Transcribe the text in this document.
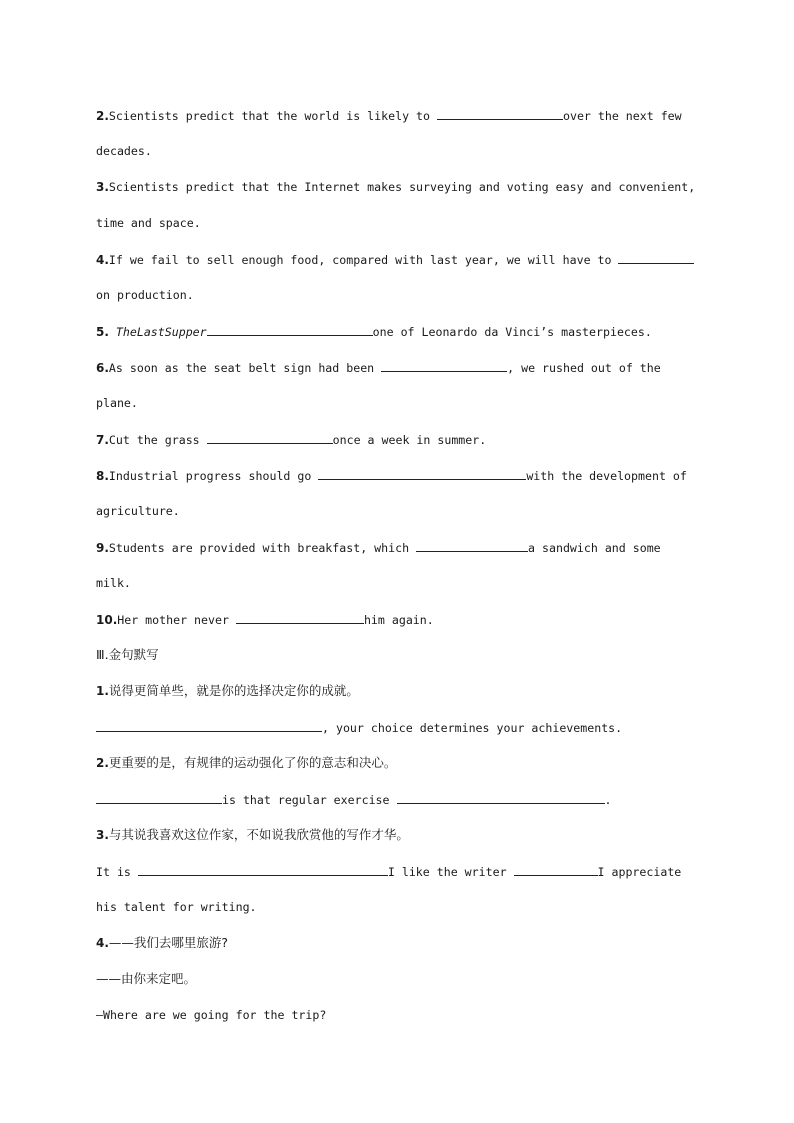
2.Scientists predict that the world is likely to	over the next few
decades.
3.Scientists predict that the Internet makes surveying and voting easy and convenient,
time and space.
4.If we fail to sell enough food, compared with last year, we will have to
on production.
5. TheLastSupper	one of Leonardo da Vinci’s masterpieces.
6.As soon as the seat belt sign had been	, we rushed out of the
plane.
7.Cut the grass	once a week in summer.
8.Industrial progress should go	with the development of
agriculture.
9.Students are provided with breakfast, which	a sandwich and some
milk.
10.Her mother never	him again.
Ⅲ.金句默写
1.说得更简单些，就是你的选择决定你的成就。
, your choice determines your achievements.
2.更重要的是，有规律的运动强化了你的意志和决心。
is that regular exercise	.
3.与其说我喜欢这位作家，不如说我欣赏他的写作才华。
It is	I like the writer	I appreciate
his talent for writing.
4.——我们去哪里旅游?
——由你来定吧。
—Where are we going for the trip?
